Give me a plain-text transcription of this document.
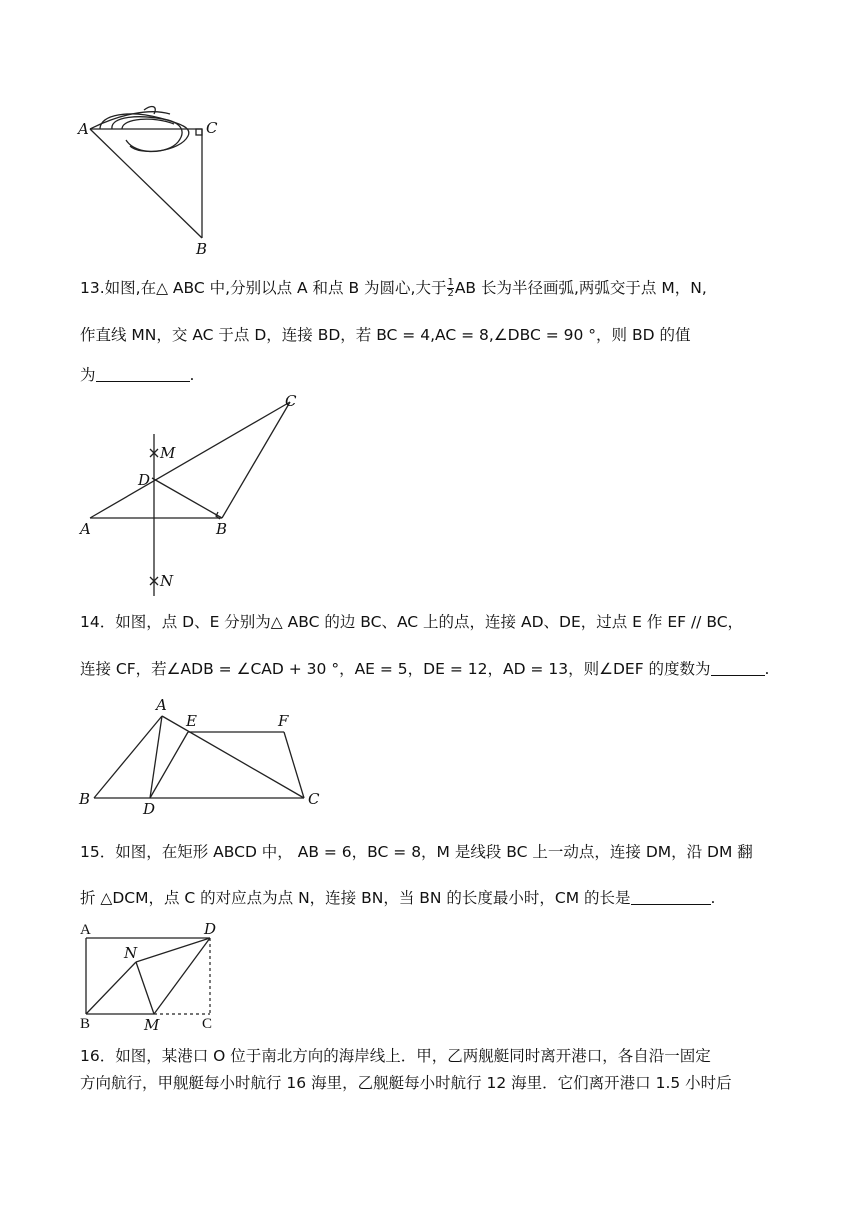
A	C
B
13.如图,在△ ABC 中,分别以点 A 和点 B 为圆心,大于 $\frac{1}{2}$ AB 长为半径画弧,两弧交于点 M，N,
作直线 MN，交 AC 于点 D，连接 BD，若 BC = 4,AC = 8,∠DBC = 90 °，则 BD 的值
为	.
C
M
D
A	B
N
14．如图，点 D、E 分别为△ ABC 的边 BC、AC 上的点，连接 AD、DE，过点 E 作 EF // BC，
连接 CF，若∠ADB = ∠CAD + 30 °，AE = 5，DE = 12，AD = 13，则∠DEF 的度数为	.
A
E	F
B
D
C
15．如图，在矩形 ABCD 中， AB = 6，BC = 8，M 是线段 BC 上一动点，连接 DM，沿 DM 翻
折 △DCM，点 C 的对应点为点 N，连接 BN，当 BN 的长度最小时，CM 的长是	.
A	D
N
B	M	C
16．如图，某港口 O 位于南北方向的海岸线上．甲，乙两舰艇同时离开港口，各自沿一固定
方向航行，甲舰艇每小时航行 16 海里，乙舰艇每小时航行 12 海里．它们离开港口 1.5 小时后
